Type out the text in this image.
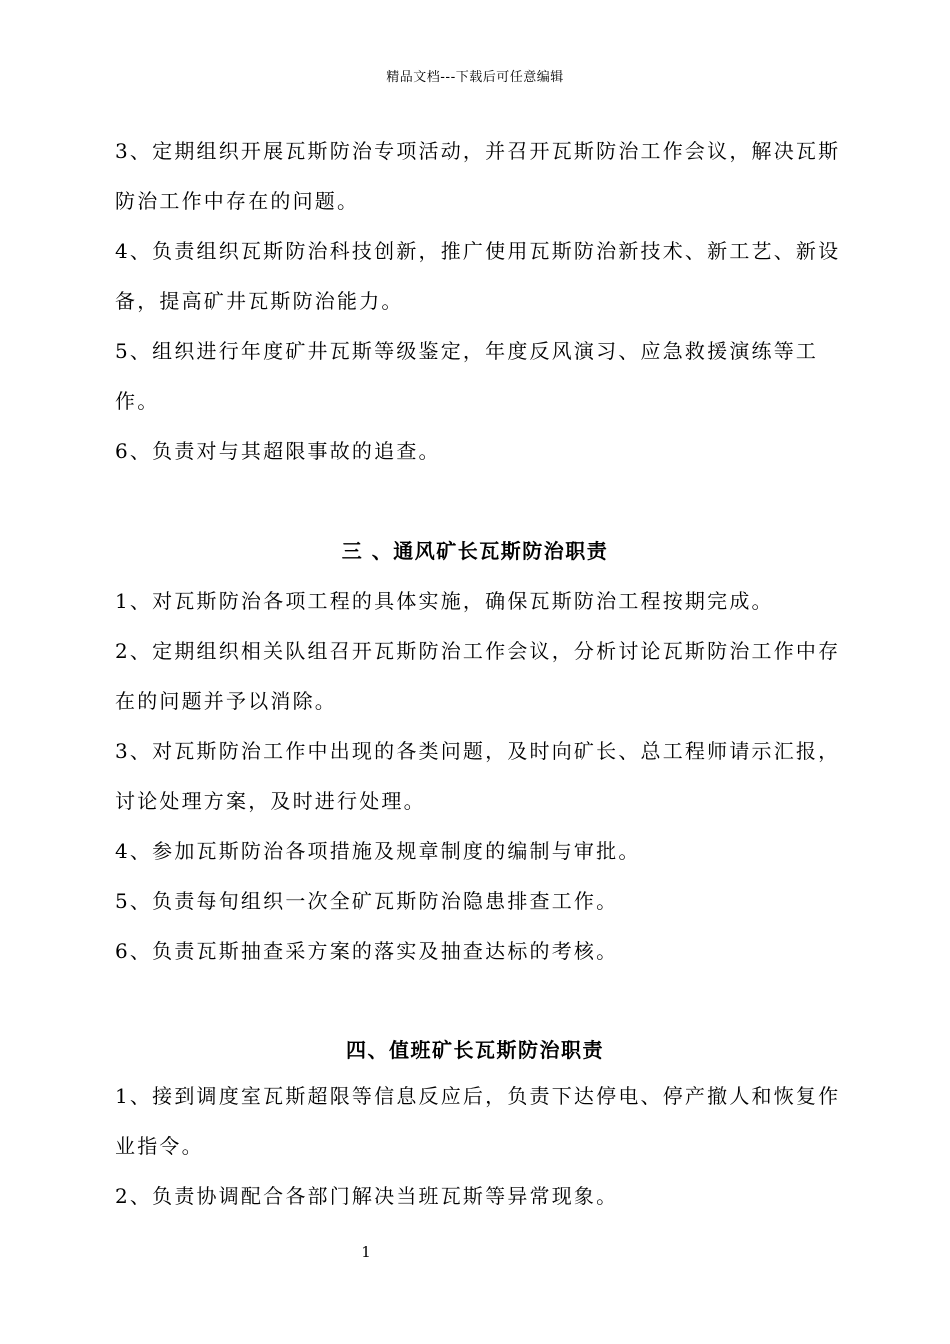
精品文档---下载后可任意编辑

3、定期组织开展瓦斯防治专项活动，并召开瓦斯防治工作会议，解决瓦斯防治工作中存在的问题。

4、负责组织瓦斯防治科技创新，推广使用瓦斯防治新技术、新工艺、新设备，提高矿井瓦斯防治能力。

5、组织进行年度矿井瓦斯等级鉴定，年度反风演习、应急救援演练等工作。

6、负责对与其超限事故的追查。

三 、通风矿长瓦斯防治职责

1、对瓦斯防治各项工程的具体实施，确保瓦斯防治工程按期完成。

2、定期组织相关队组召开瓦斯防治工作会议，分析讨论瓦斯防治工作中存在的问题并予以消除。

3、对瓦斯防治工作中出现的各类问题，及时向矿长、总工程师请示汇报，讨论处理方案，及时进行处理。

4、参加瓦斯防治各项措施及规章制度的编制与审批。

5、负责每旬组织一次全矿瓦斯防治隐患排查工作。

6、负责瓦斯抽查采方案的落实及抽查达标的考核。

四、值班矿长瓦斯防治职责

1、接到调度室瓦斯超限等信息反应后，负责下达停电、停产撤人和恢复作业指令。

2、负责协调配合各部门解决当班瓦斯等异常现象。

1
